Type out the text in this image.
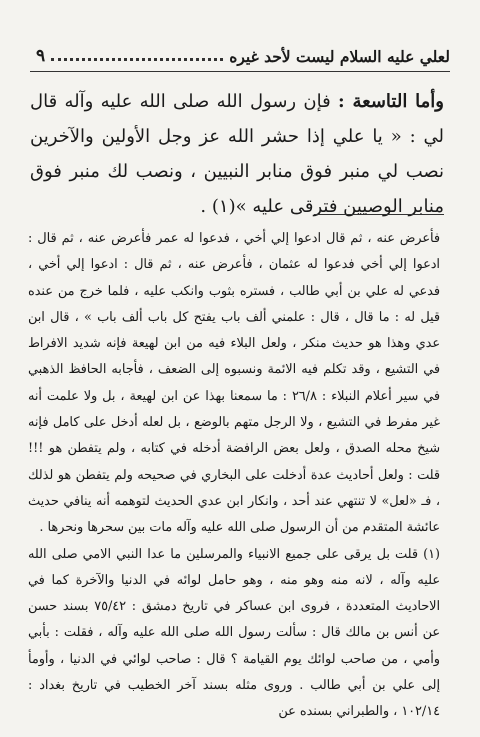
لعلي عليه السلام ليست لأحد غيره
٩

وأما التاسعة : فإن رسول الله صلى الله عليه وآله قال لي : « يا علي إذا حشر الله عز وجل الأولين والآخرين نصب لي منبر فوق منابر النبيين ، ونصب لك منبر فوق منابر الوصيين فترقى عليه »(١) .

فأعرض عنه ، ثم قال ادعوا إلي أخي ، فدعوا له عمر فأعرض عنه ، ثم قال : ادعوا إلي أخي فدعوا له عثمان ، فأعرض عنه ، ثم قال : ادعوا إلي أخي ، فدعي له علي بن أبي طالب ، فستره بثوب وانكب عليه ، فلما خرج من عنده قيل له : ما قال ، قال : علمني ألف باب يفتح كل باب ألف باب » ، قال ابن عدي وهذا هو حديث منكر ، ولعل البلاء فيه من ابن لهيعة فإنه شديد الافراط في التشيع ، وقد تكلم فيه الائمة ونسبوه إلى الضعف ، فأجابه الحافظ الذهبي في سير أعلام النبلاء : ٢٦/٨ : ما سمعنا بهذا عن ابن لهيعة ، بل ولا علمت أنه غير مفرط في التشيع ، ولا الرجل متهم بالوضع ، بل لعله أدخل على كامل فإنه شيخ محله الصدق ، ولعل بعض الرافضة أدخله في كتابه ، ولم يتفطن هو !!! قلت : ولعل أحاديث عدة أدخلت على البخاري في صحيحه ولم يتفطن هو لذلك ، فـ «لعل» لا تنتهي عند أحد ، وانكار ابن عدي الحديث لتوهمه أنه ينافي حديث عائشة المتقدم من أن الرسول صلى الله عليه وآله مات بين سحرها ونحرها .

(١) قلت بل يرقى على جميع الانبياء والمرسلين ما عدا النبي الامي صلى الله عليه وآله ، لانه منه وهو منه ، وهو حامل لوائه في الدنيا والآخرة كما في الاحاديث المتعددة ، فروى ابن عساكر في تاريخ دمشق : ٧٥/٤٢ بسند حسن عن أنس بن مالك قال : سألت رسول الله صلى الله عليه وآله ، فقلت : بأبي وأمي ، من صاحب لوائك يوم القيامة ؟ قال : صاحب لوائي في الدنيا ، وأومأ إلى علي بن أبي طالب . وروى مثله بسند آخر الخطيب في تاريخ بغداد : ١٠٢/١٤ ، والطبراني بسنده عن
